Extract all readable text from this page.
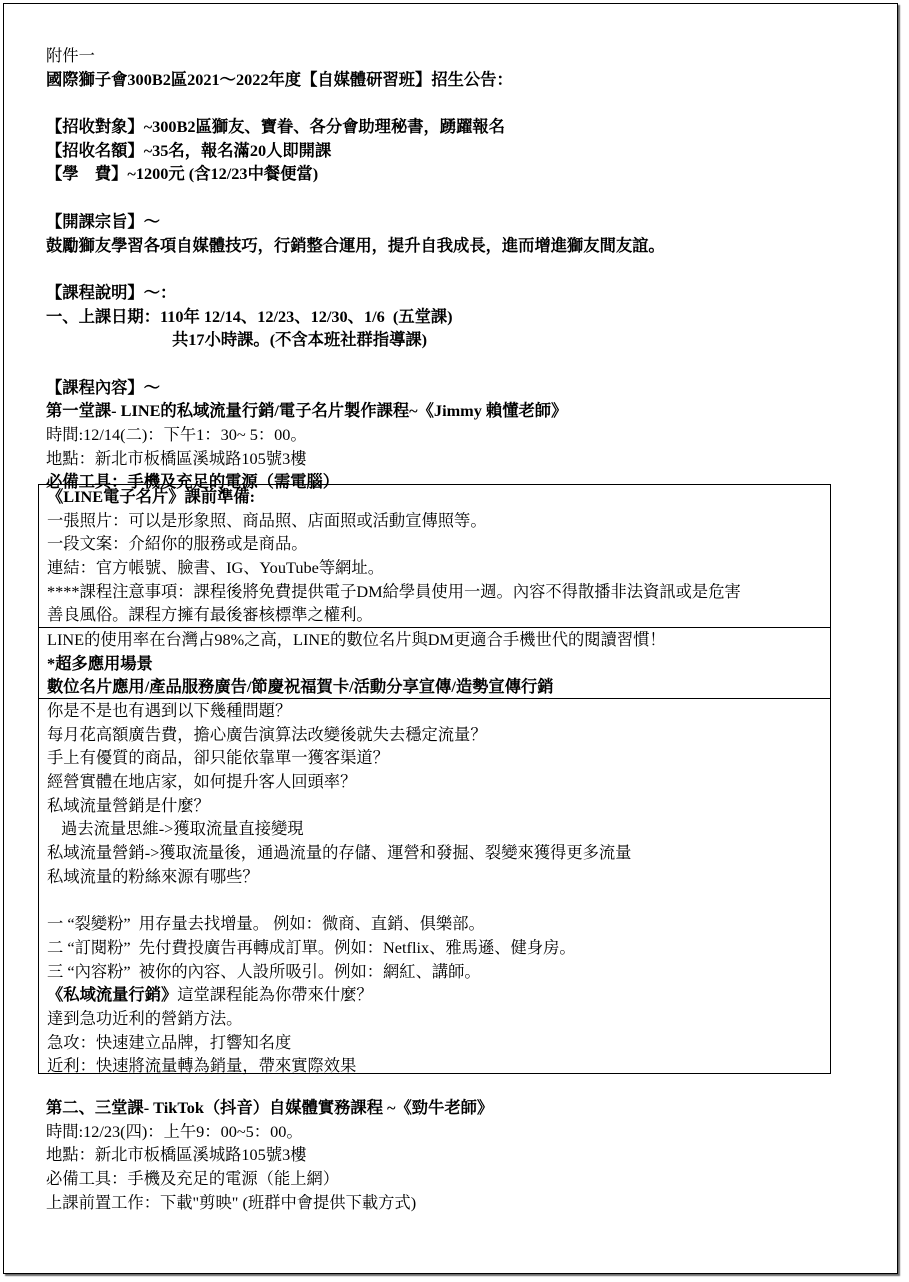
附件一
國際獅子會300B2區2021～2022年度【自媒體研習班】招生公告：
【招收對象】~300B2區獅友、寶眷、各分會助理秘書，踴躍報名
【招收名額】~35名，報名滿20人即開課
【學　費】~1200元 (含12/23中餐便當)
【開課宗旨】～
鼓勵獅友學習各項自媒體技巧，行銷整合運用，提升自我成長，進而增進獅友間友誼。
【課程說明】～：
一、上課日期：110年 12/14、12/23、12/30、1/6  (五堂課)
共17小時課。(不含本班社群指導課)
【課程內容】～
第一堂課- LINE的私域流量行銷/電子名片製作課程~《Jimmy 賴懂老師》
時間:12/14(二)：下午1：30~ 5：00。
地點：新北市板橋區溪城路105號3樓
必備工具：手機及充足的電源（需電腦）
《LINE電子名片》課前準備:
一張照片：可以是形象照、商品照、店面照或活動宣傳照等。
一段文案：介紹你的服務或是商品。
連結：官方帳號、臉書、IG、YouTube等網址。
****課程注意事項：課程後將免費提供電子DM給學員使用一週。內容不得散播非法資訊或是危害
善良風俗。課程方擁有最後審核標準之權利。
LINE的使用率在台灣占98%之高，LINE的數位名片與DM更適合手機世代的閱讀習慣！
*超多應用場景
數位名片應用/產品服務廣告/節慶祝福賀卡/活動分享宣傳/造勢宣傳行銷
你是不是也有遇到以下幾種問題？
每月花高額廣告費，擔心廣告演算法改變後就失去穩定流量？
手上有優質的商品，卻只能依靠單一獲客渠道？
經營實體在地店家，如何提升客人回頭率？
私域流量營銷是什麼？
過去流量思維->獲取流量直接變現
私域流量營銷->獲取流量後，通過流量的存儲、運營和發掘、裂變來獲得更多流量
私域流量的粉絲來源有哪些？
一 “裂變粉”  用存量去找增量。 例如：微商、直銷、俱樂部。
二 “訂閱粉”  先付費投廣告再轉成訂單。例如：Netflix、雅馬遜、健身房。
三 “內容粉”  被你的內容、人設所吸引。例如：網紅、講師。
《私域流量行銷》這堂課程能為你帶來什麼？
達到急功近利的營銷方法。
急攻：快速建立品牌，打響知名度
近利：快速將流量轉為銷量，帶來實際效果
第二、三堂課- TikTok（抖音）自媒體實務課程 ~《勁牛老師》
時間:12/23(四)：上午9：00~5：00。
地點：新北市板橋區溪城路105號3樓
必備工具：手機及充足的電源（能上網）
上課前置工作：下載"剪映" (班群中會提供下載方式)
